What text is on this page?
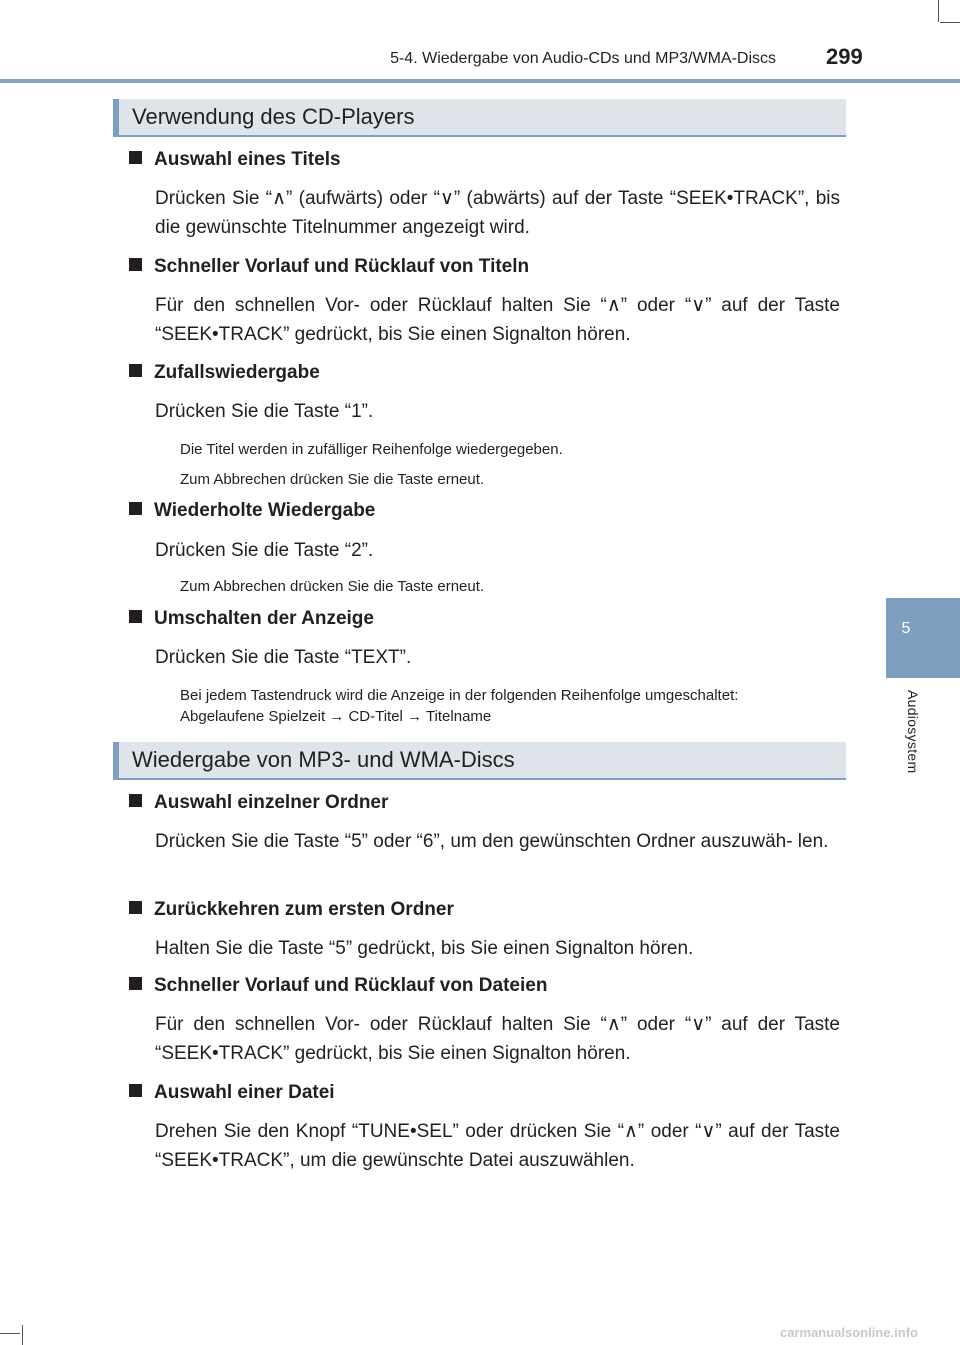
5-4. Wiedergabe von Audio-CDs und MP3/WMA-Discs 299
5
Audiosystem
Verwendung des CD-Players
Auswahl eines Titels
Drücken Sie “∧” (aufwärts) oder “∨” (abwärts) auf der Taste “SEEK•TRACK”, bis die gewünschte Titelnummer angezeigt wird.
Schneller Vorlauf und Rücklauf von Titeln
Für den schnellen Vor- oder Rücklauf halten Sie “∧” oder “∨” auf der Taste “SEEK•TRACK” gedrückt, bis Sie einen Signalton hören.
Zufallswiedergabe
Drücken Sie die Taste “1”.
Die Titel werden in zufälliger Reihenfolge wiedergegeben.
Zum Abbrechen drücken Sie die Taste erneut.
Wiederholte Wiedergabe
Drücken Sie die Taste “2”.
Zum Abbrechen drücken Sie die Taste erneut.
Umschalten der Anzeige
Drücken Sie die Taste “TEXT”.
Bei jedem Tastendruck wird die Anzeige in der folgenden Reihenfolge umgeschaltet:
Abgelaufene Spielzeit → CD-Titel → Titelname
Wiedergabe von MP3- und WMA-Discs
Auswahl einzelner Ordner
Drücken Sie die Taste “5” oder “6”, um den gewünschten Ordner auszuwäh- len.
Zurückkehren zum ersten Ordner
Halten Sie die Taste “5” gedrückt, bis Sie einen Signalton hören.
Schneller Vorlauf und Rücklauf von Dateien
Für den schnellen Vor- oder Rücklauf halten Sie “∧” oder “∨” auf der Taste “SEEK•TRACK” gedrückt, bis Sie einen Signalton hören.
Auswahl einer Datei
Drehen Sie den Knopf “TUNE•SEL” oder drücken Sie “∧” oder “∨” auf der Taste “SEEK•TRACK”, um die gewünschte Datei auszuwählen.
carmanualsonline.info
